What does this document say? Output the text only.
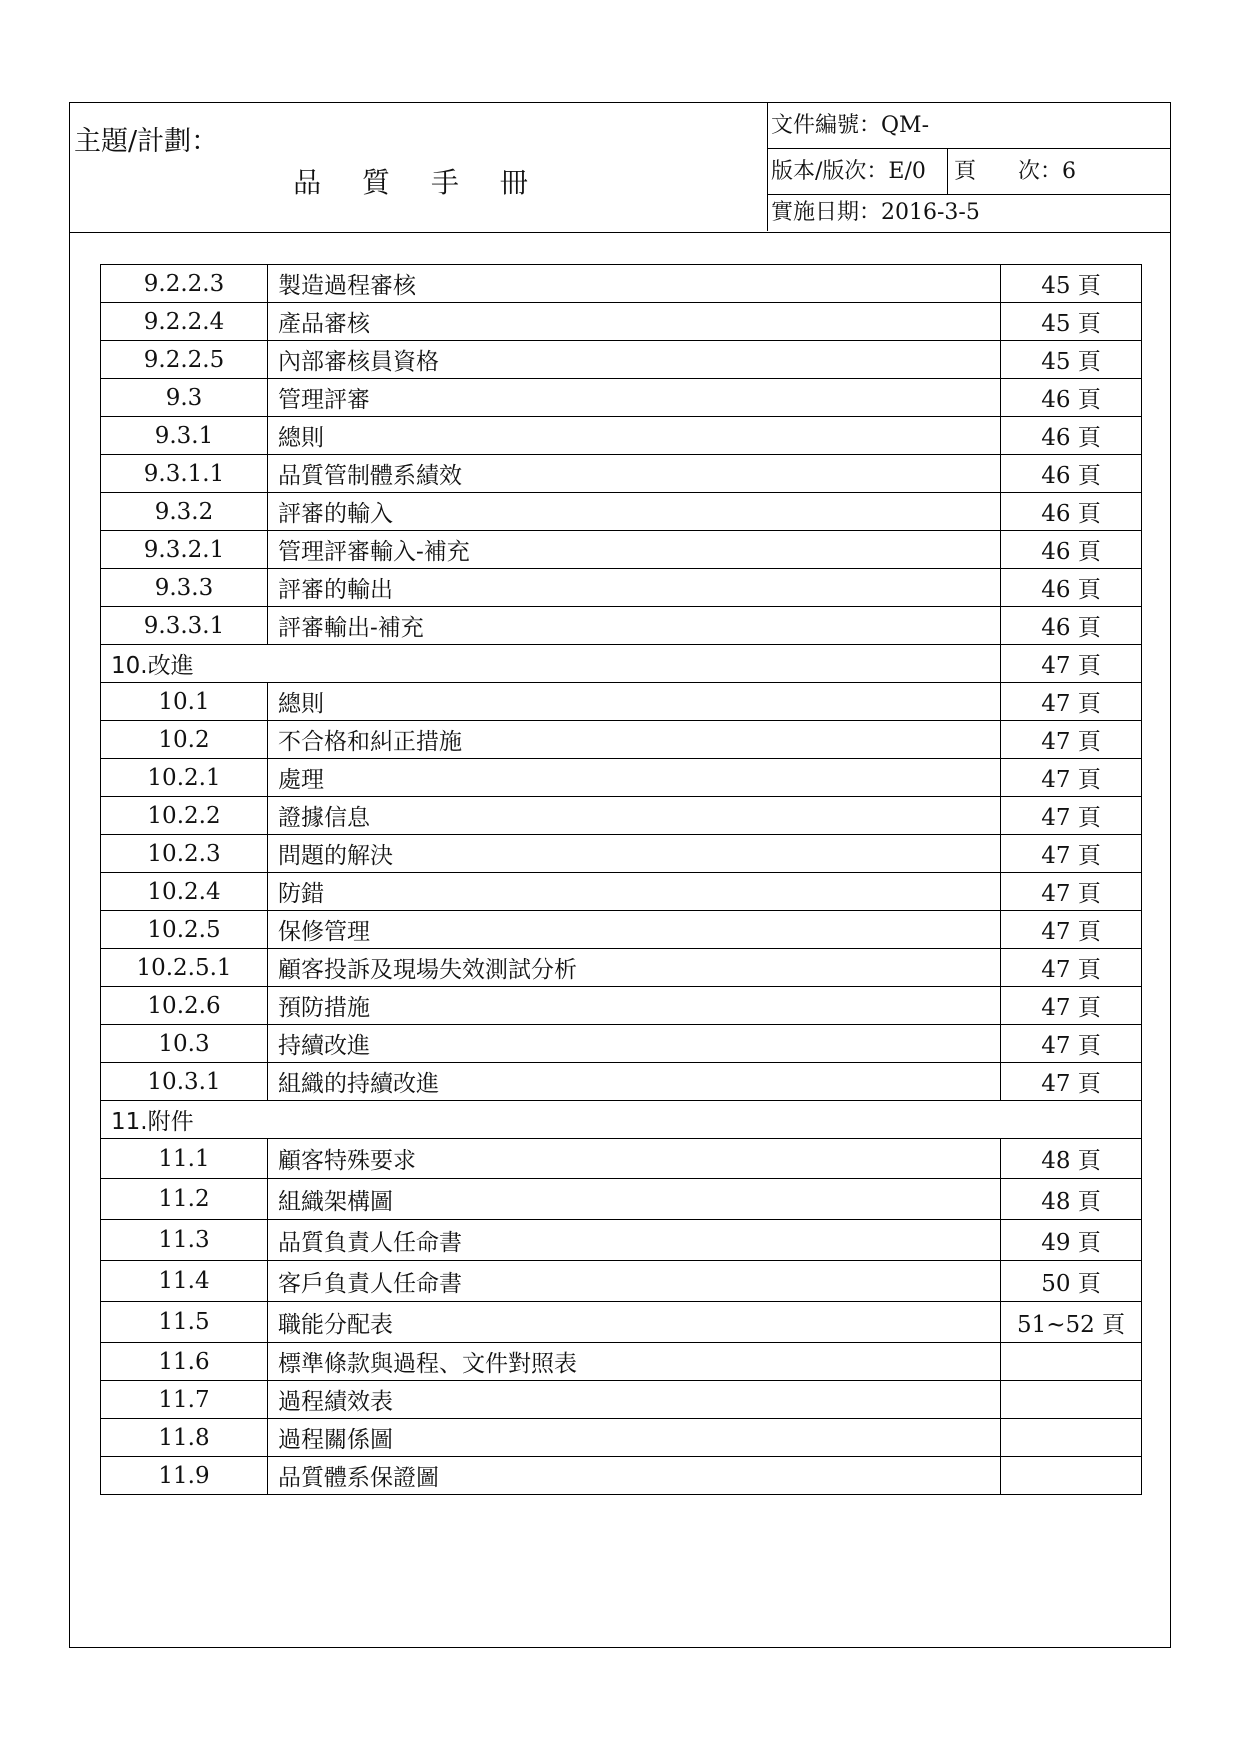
主題/計劃：
品 質 手 冊
文件編號：QM-
版本/版次：E/0	頁 次：6
實施日期：2016-3-5
9.2.2.3	製造過程審核	45 頁
9.2.2.4	產品審核	45 頁
9.2.2.5	內部審核員資格	45 頁
9.3	管理評審	46 頁
9.3.1	總則	46 頁
9.3.1.1	品質管制體系績效	46 頁
9.3.2	評審的輸入	46 頁
9.3.2.1	管理評審輸入-補充	46 頁
9.3.3	評審的輸出	46 頁
9.3.3.1	評審輸出-補充	46 頁
10.改進		47 頁
10.1	總則	47 頁
10.2	不合格和糾正措施	47 頁
10.2.1	處理	47 頁
10.2.2	證據信息	47 頁
10.2.3	問題的解決	47 頁
10.2.4	防錯	47 頁
10.2.5	保修管理	47 頁
10.2.5.1	顧客投訴及現場失效測試分析	47 頁
10.2.6	預防措施	47 頁
10.3	持續改進	47 頁
10.3.1	組織的持續改進	47 頁
11.附件		
11.1	顧客特殊要求	48 頁
11.2	組織架構圖	48 頁
11.3	品質負責人任命書	49 頁
11.4	客戶負責人任命書	50 頁
11.5	職能分配表	51~52 頁
11.6	標準條款與過程、文件對照表	
11.7	過程績效表	
11.8	過程關係圖	
11.9	品質體系保證圖	
